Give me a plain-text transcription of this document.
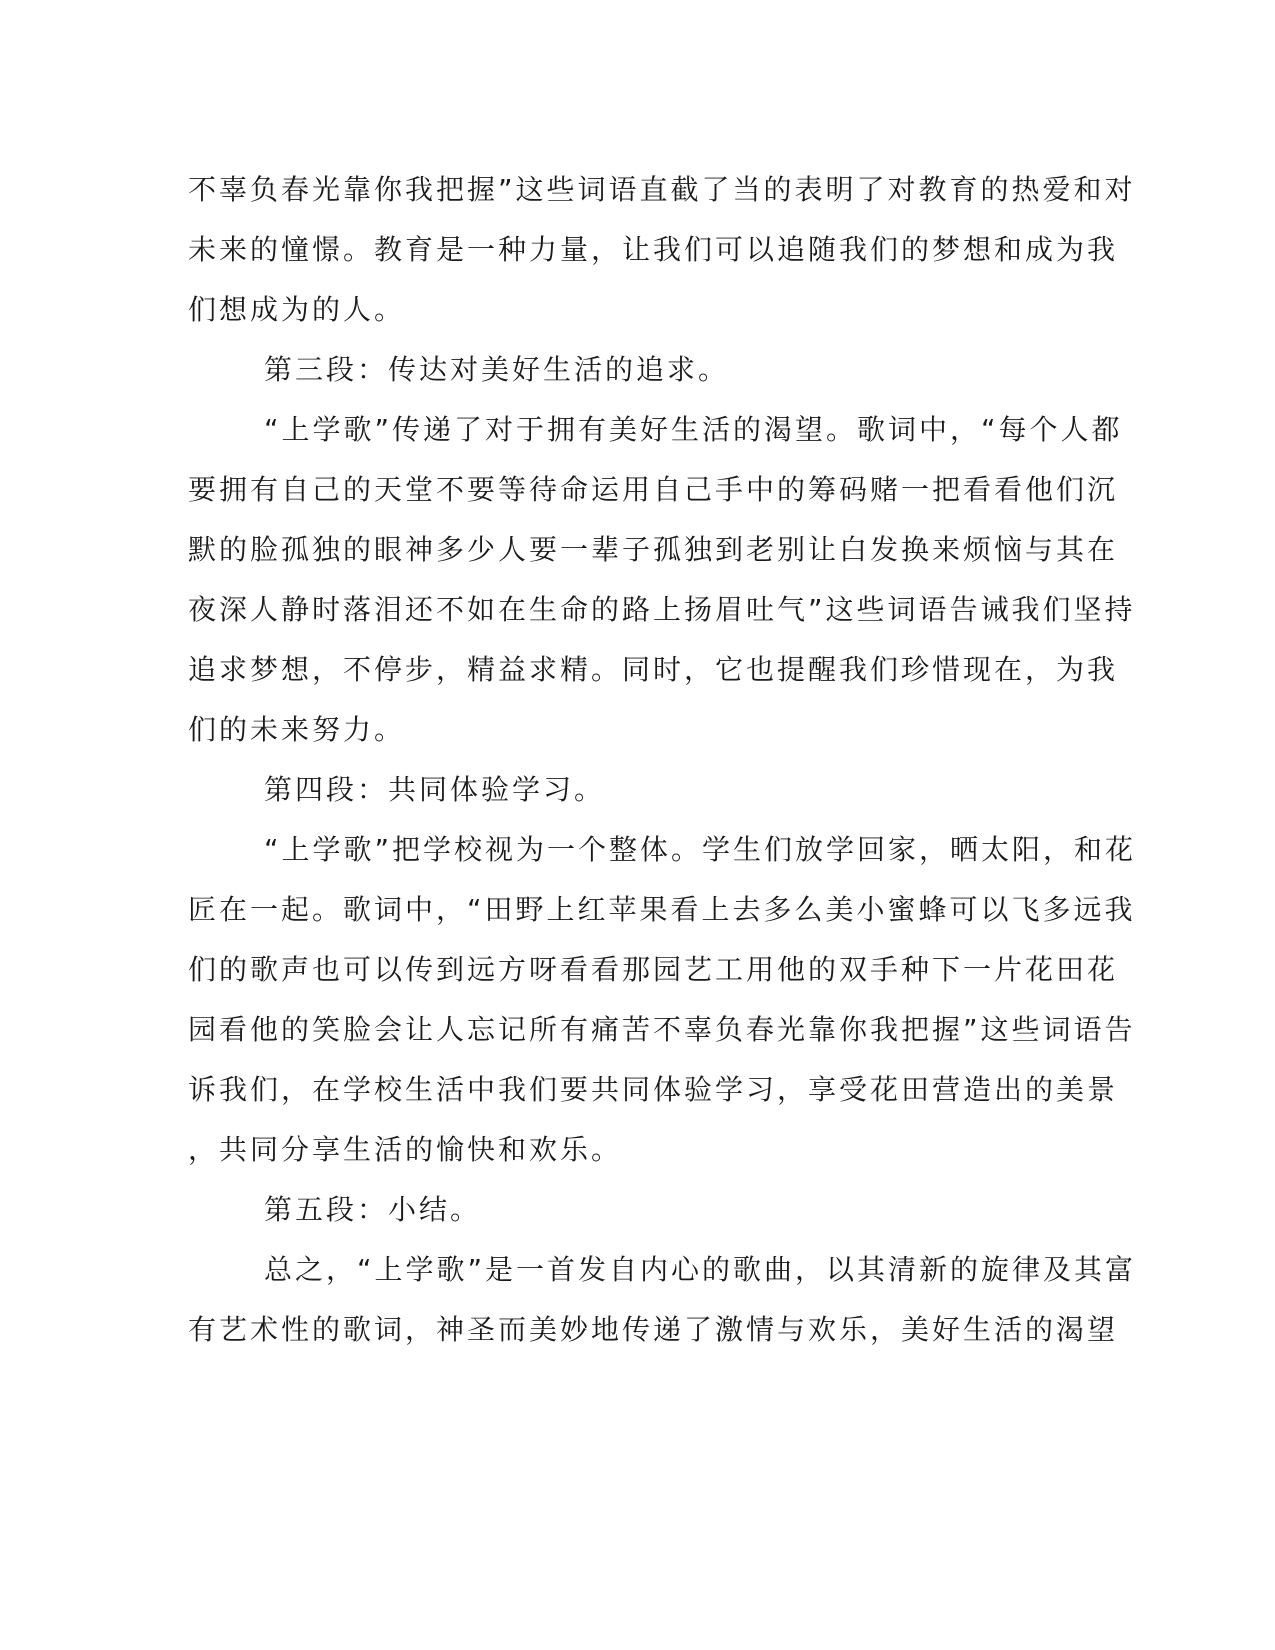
不辜负春光靠你我把握”这些词语直截了当的表明了对教育的热爱和对
未来的憧憬。教育是一种力量，让我们可以追随我们的梦想和成为我
们想成为的人。
第三段：传达对美好生活的追求。
“上学歌”传递了对于拥有美好生活的渴望。歌词中，“每个人都
要拥有自己的天堂不要等待命运用自己手中的筹码赌一把看看他们沉
默的脸孤独的眼神多少人要一辈子孤独到老别让白发换来烦恼与其在
夜深人静时落泪还不如在生命的路上扬眉吐气”这些词语告诫我们坚持
追求梦想，不停步，精益求精。同时，它也提醒我们珍惜现在，为我
们的未来努力。
第四段：共同体验学习。
“上学歌”把学校视为一个整体。学生们放学回家，晒太阳，和花
匠在一起。歌词中，“田野上红苹果看上去多么美小蜜蜂可以飞多远我
们的歌声也可以传到远方呀看看那园艺工用他的双手种下一片花田花
园看他的笑脸会让人忘记所有痛苦不辜负春光靠你我把握”这些词语告
诉我们，在学校生活中我们要共同体验学习，享受花田营造出的美景
，共同分享生活的愉快和欢乐。
第五段：小结。
总之，“上学歌”是一首发自内心的歌曲，以其清新的旋律及其富
有艺术性的歌词，神圣而美妙地传递了激情与欢乐，美好生活的渴望
